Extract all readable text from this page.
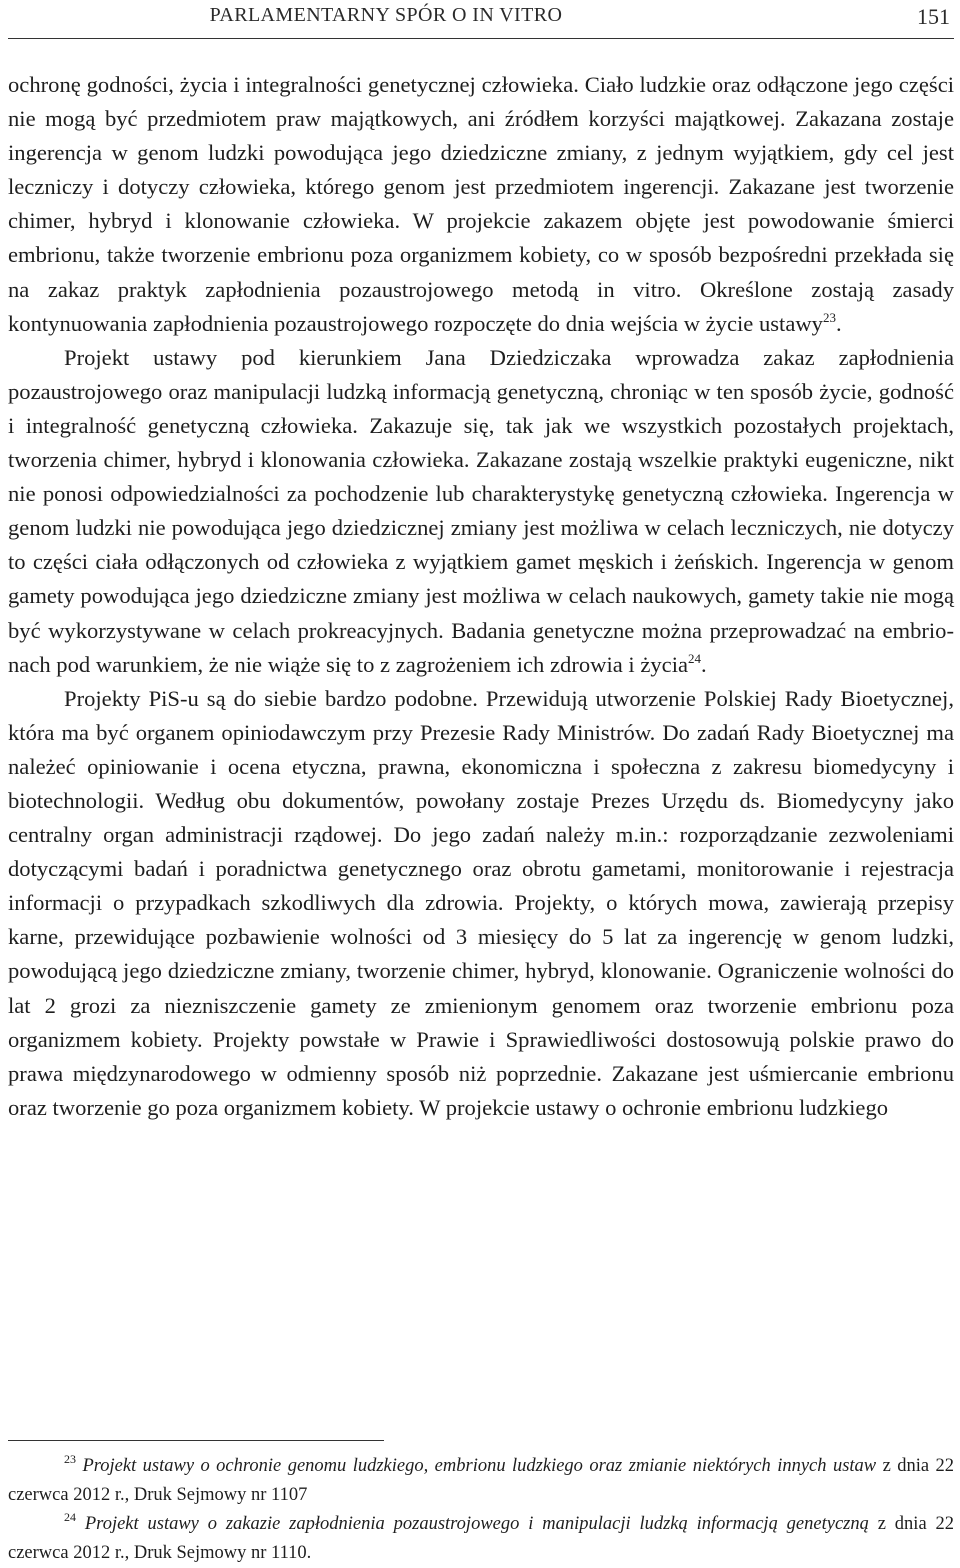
PARLAMENTARNY SPÓR O IN VITRO	151

ochronę godności, życia i integralności genetycznej człowieka. Ciało ludzkie oraz odłączone jego części nie mogą być przedmiotem praw majątkowych, ani źródłem korzyści majątkowej. Zakazana zostaje ingerencja w genom ludzki powodująca jego dziedziczne zmiany, z jednym wyjątkiem, gdy cel jest leczniczy i dotyczy człowieka, którego genom jest przedmiotem ingerencji. Zakazane jest tworzenie chimer, hybryd i klonowanie człowieka. W projekcie zakazem objęte jest powodowanie śmierci embrionu, także tworzenie embrionu poza organizmem kobiety, co w sposób bezpośredni przekłada się na zakaz praktyk zapłodnienia pozaustrojowego metodą in vitro. Określone zostają zasady kontynuowania zapłodnienia pozaustrojowego rozpoczęte do dnia wejścia w życie ustawy$^{23}$.

Projekt ustawy pod kierunkiem Jana Dziedziczaka wprowadza zakaz zapłodnienia pozaustrojowego oraz manipulacji ludzką informacją genetyczną, chroniąc w ten sposób życie, godność i integralność genetyczną człowieka. Zakazuje się, tak jak we wszystkich pozostałych projektach, tworzenia chimer, hybryd i klonowania człowieka. Zakazane zostają wszelkie praktyki eugeniczne, nikt nie ponosi odpowiedzialności za pochodzenie lub charakterystykę genetyczną człowieka. Ingerencja w genom ludzki nie powodująca jego dziedzicznej zmiany jest możliwa w celach leczniczych, nie dotyczy to części ciała odłączonych od człowieka z wyjątkiem gamet męskich i żeńskich. Ingerencja w genom gamety powodująca jego dziedziczne zmiany jest możliwa w celach naukowych, gamety takie nie mogą być wykorzystywane w celach prokreacyjnych. Badania genetyczne można przeprowadzać na embrionach pod warunkiem, że nie wiąże się to z zagrożeniem ich zdrowia i życia$^{24}$.

Projekty PiS-u są do siebie bardzo podobne. Przewidują utworzenie Polskiej Rady Bioetycznej, która ma być organem opiniodawczym przy Prezesie Rady Ministrów. Do zadań Rady Bioetycznej ma należeć opiniowanie i ocena etyczna, prawna, ekonomiczna i społeczna z zakresu biomedycyny i biotechnologii. Według obu dokumentów, powołany zostaje Prezes Urzędu ds. Biomedycyny jako centralny organ administracji rządowej. Do jego zadań należy m.in.: rozporządzanie zezwoleniami dotyczącymi badań i poradnictwa genetycznego oraz obrotu gametami, monitorowanie i rejestracja informacji o przypadkach szkodliwych dla zdrowia. Projekty, o których mowa, zawierają przepisy karne, przewidujące pozbawienie wolności od 3 miesięcy do 5 lat za ingerencję w genom ludzki, powodującą jego dziedziczne zmiany, tworzenie chimer, hybryd, klonowanie. Ograniczenie wolności do lat 2 grozi za niezniszczenie gamety ze zmienionym genomem oraz tworzenie embrionu poza organizmem kobiety. Projekty powstałe w Prawie i Sprawiedliwości dostosowują polskie prawo do prawa międzynarodowego w odmienny sposób niż poprzednie. Zakazane jest uśmiercanie embrionu oraz tworzenie go poza organizmem kobiety. W projekcie ustawy o ochronie embrionu ludzkiego

$^{23}$ Projekt ustawy o ochronie genomu ludzkiego, embrionu ludzkiego oraz zmianie niektórych innych ustaw z dnia 22 czerwca 2012 r., Druk Sejmowy nr 1107

$^{24}$ Projekt ustawy o zakazie zapłodnienia pozaustrojowego i manipulacji ludzką informacją genetyczną z dnia 22 czerwca 2012 r., Druk Sejmowy nr 1110.
